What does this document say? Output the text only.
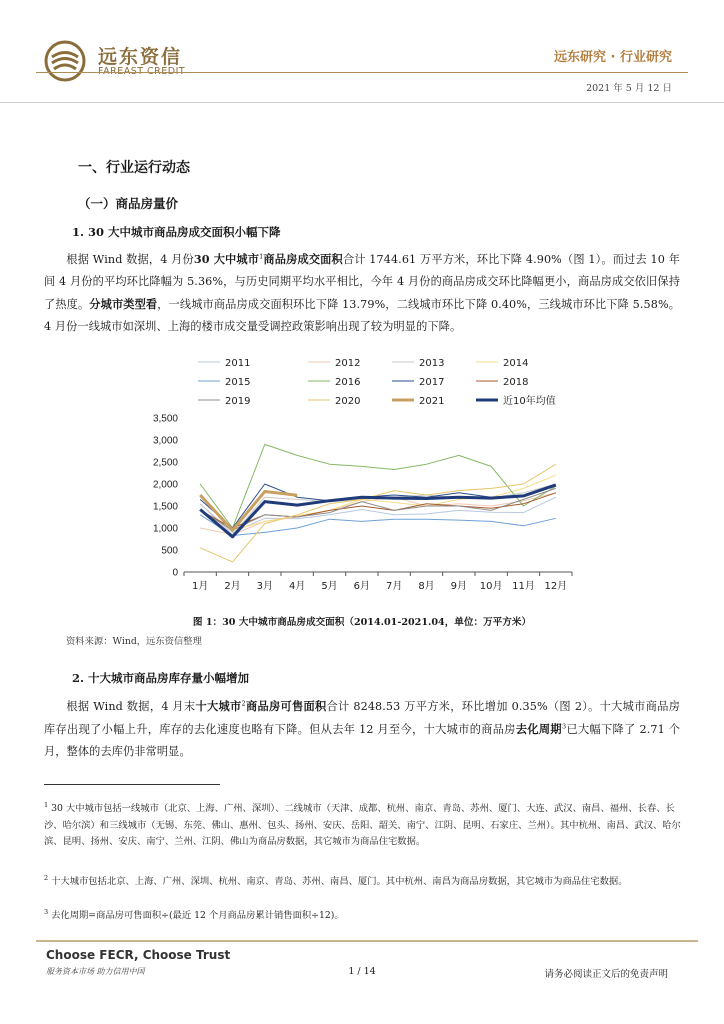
远东资信	远东研究 · 行业研究
2021 年 5 月 12 日
一、行业运行动态
（一）商品房量价
1. 30 大中城市商品房成交面积小幅下降
根据 Wind 数据，4 月份30 大中城市$^1$商品房成交面积合计 1744.61 万平方米，环比下降 4.90%（图 1）。而过去 10 年间 4 月份的平均环比降幅为 5.36%，与历史同期平均水平相比，今年 4 月份的商品房成交环比降幅更小，商品房成交依旧保持了热度。分城市类型看，一线城市商品房成交面积环比下降 13.79%，二线城市环比下降 0.40%，三线城市环比下降 5.58%。4 月份一线城市如深圳、上海的楼市成交量受调控政策影响出现了较为明显的下降。
0
500
1,000
1,500
2,000
2,500
3,000
3,500
1月 2月 3月 4月 5月 6月 7月 8月 9月 10月 11月 12月
2011	2012	2013	2014
2015	2016	2017	2018
2019	2020	2021	近10年均值
图 1：30 大中城市商品房成交面积（2014.01-2021.04，单位：万平方米）
资料来源：Wind，远东资信整理
2. 十大城市商品房库存量小幅增加
根据 Wind 数据，4 月末十大城市$^2$商品房可售面积合计 8248.53 万平方米，环比增加 0.35%（图 2）。十大城市商品房库存出现了小幅上升，库存的去化速度也略有下降。但从去年 12 月至今，十大城市的商品房去化周期$^3$已大幅下降了 2.71 个月，整体的去库仍非常明显。
$^1$ 30 大中城市包括一线城市（北京、上海、广州、深圳）、二线城市（天津、成都、杭州、南京、青岛、苏州、厦门、大连、武汉、南昌、福州、长春、长沙、哈尔滨）和三线城市（无锡、东莞、佛山、惠州、包头、扬州、安庆、岳阳、韶关、南宁、江阴、昆明、石家庄、兰州）。其中杭州、南昌、武汉、哈尔滨、昆明、扬州、安庆、南宁、兰州、江阴、佛山为商品房数据，其它城市为商品住宅数据。
$^2$ 十大城市包括北京、上海、广州、深圳、杭州、南京、青岛、苏州、南昌、厦门。其中杭州、南昌为商品房数据，其它城市为商品住宅数据。
$^3$ 去化周期=商品房可售面积÷(最近 12 个月商品房累计销售面积÷12)。
Choose FECR, Choose Trust
服务资本市场 助力信用中国	1 / 14	请务必阅读正文后的免责声明
